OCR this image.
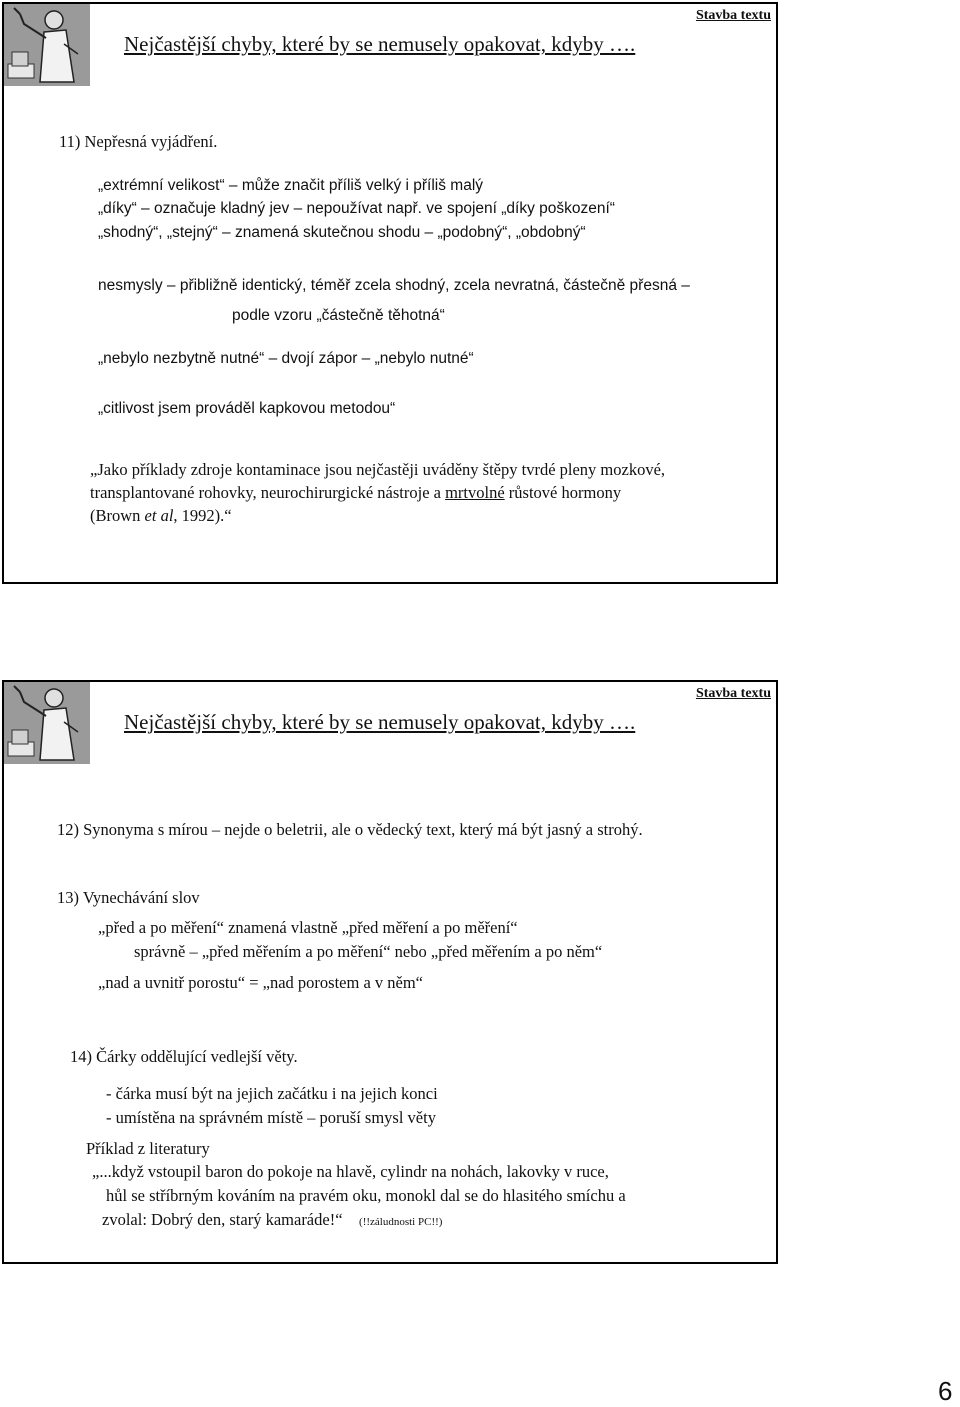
Nejčastější chyby, které by se nemusely opakovat, kdyby ….
Stavba textu
11) Nepřesná vyjádření.
„extrémní velikost“ – může značit příliš velký i příliš malý
„díky“ – označuje kladný jev – nepoužívat např. ve spojení „díky poškození“
„shodný“, „stejný“ – znamená skutečnou shodu – „podobný“, „obdobný“
nesmysly – přibližně identický, téměř zcela shodný, zcela nevratná, částečně přesná –
podle vzoru „částečně těhotná“
„nebylo nezbytně nutné“ – dvojí zápor – „nebylo nutné“
„citlivost jsem prováděl kapkovou metodou“
„Jako příklady zdroje kontaminace jsou nejčastěji uváděny štěpy tvrdé pleny mozkové,
transplantované rohovky, neurochirurgické nástroje a mrtvolné růstové hormony
(Brown et al, 1992).“
Nejčastější chyby, které by se nemusely opakovat, kdyby ….
Stavba textu
12) Synonyma s mírou – nejde o beletrii, ale o vědecký text, který má být jasný a strohý.
13) Vynechávání slov
„před a po měření“ znamená vlastně „před měření a po měření“
správně – „před měřením a po měření“ nebo „před měřením a po něm“
„nad a uvnitř porostu“ = „nad porostem a v něm“
14) Čárky oddělující vedlejší věty.
- čárka musí být na jejich začátku i na jejich konci
- umístěna na správném místě – poruší smysl věty
Příklad z literatury
„...když vstoupil baron do pokoje na hlavě, cylindr na nohách, lakovky v ruce,
hůl se stříbrným kováním na pravém oku, monokl dal se do hlasitého smíchu a
zvolal: Dobrý den, starý kamaráde!“ (!!záludnosti PC!!)
6
